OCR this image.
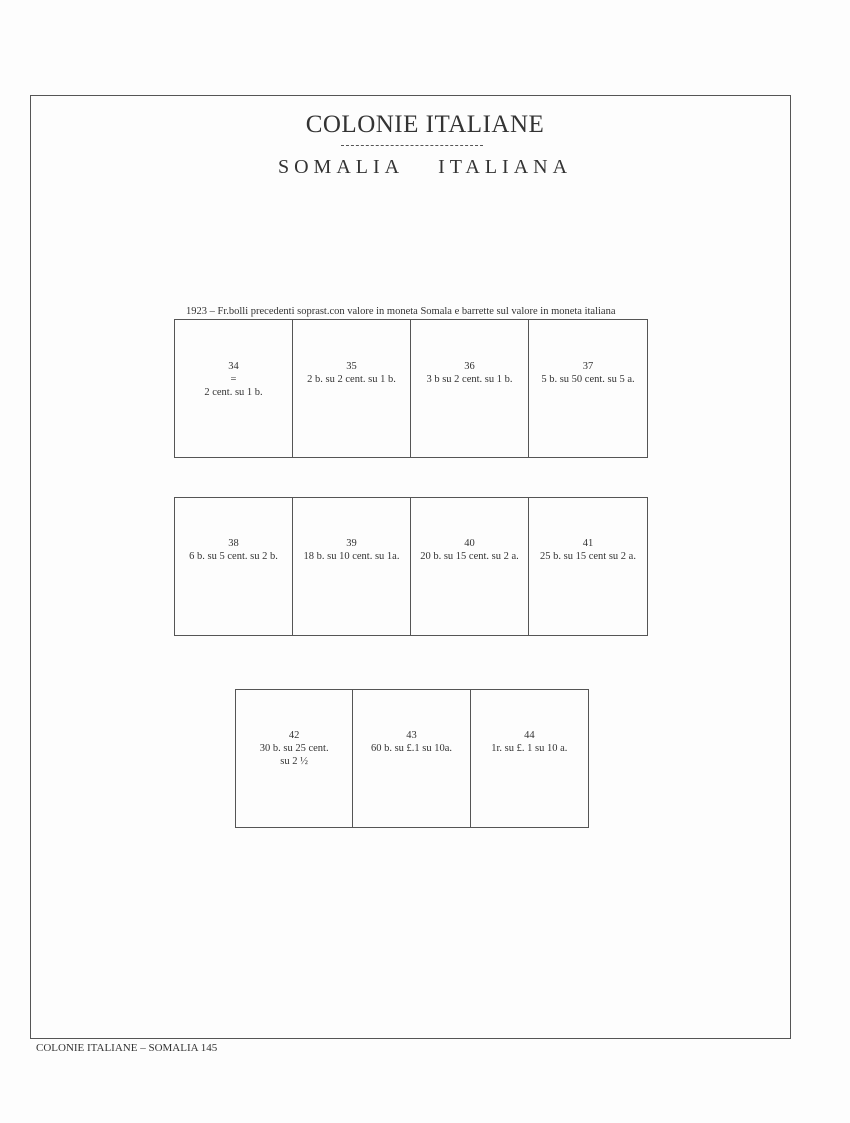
COLONIE ITALIANE
SOMALIA ITALIANA
1923 – Fr.bolli precedenti soprast.con valore in moneta Somala e barrette sul valore in moneta italiana
34
=
2 cent. su 1 b.
35
2 b. su 2 cent. su 1 b.
36
3 b su 2 cent. su 1 b.
37
5 b. su 50 cent. su 5 a.
38
6 b. su 5 cent. su 2 b.
39
18 b. su 10 cent. su 1a.
40
20 b. su 15 cent. su 2 a.
41
25 b. su 15 cent su 2 a.
42
30 b. su 25 cent.
su 2 ½
43
60 b. su £.1 su 10a.
44
1r. su £. 1 su 10 a.
COLONIE ITALIANE – SOMALIA 145
